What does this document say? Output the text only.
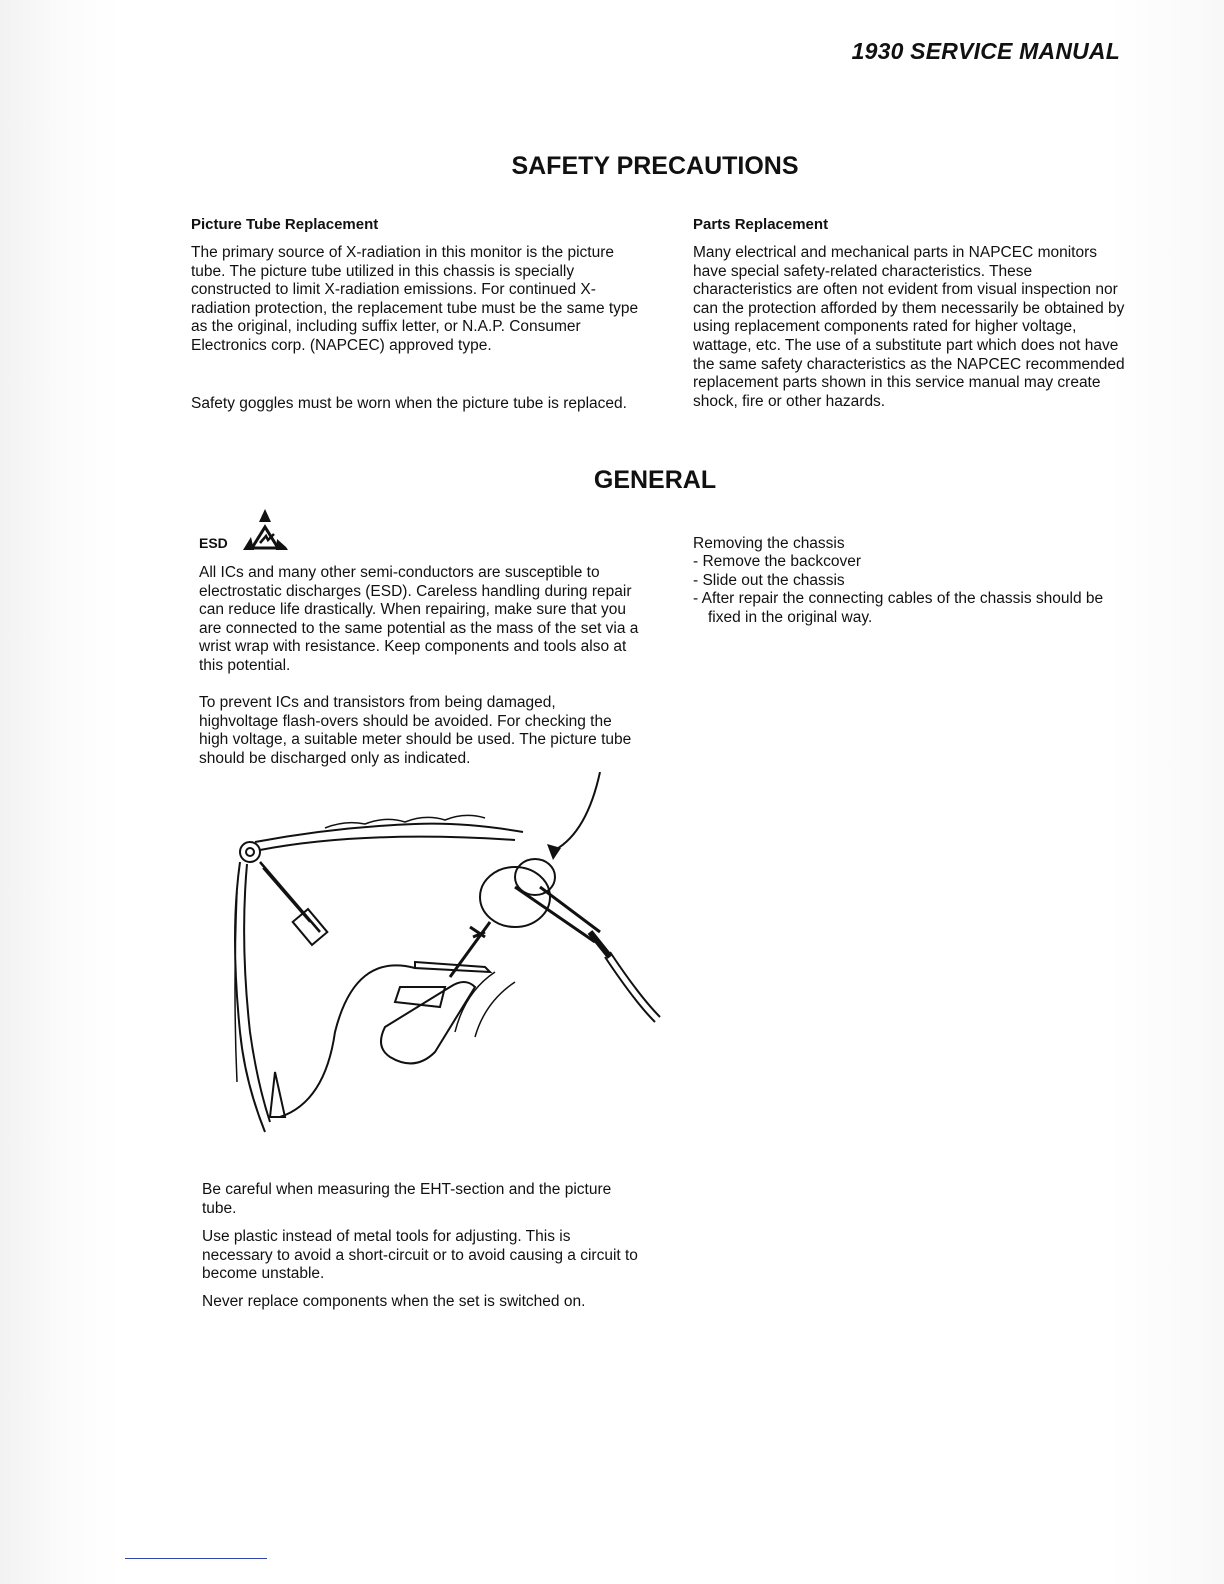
1930 SERVICE MANUAL
SAFETY PRECAUTIONS
Picture Tube Replacement

The primary source of X-radiation in this monitor is the picture tube. The picture tube utilized in this chassis is specially constructed to limit X-radiation emissions. For continued X-radiation protection, the replacement tube must be the same type as the original, including suffix letter, or N.A.P. Consumer Electronics corp. (NAPCEC) approved type.

Safety goggles must be worn when the picture tube is replaced.

Parts Replacement

Many electrical and mechanical parts in NAPCEC monitors have special safety-related characteristics. These characteristics are often not evident from visual inspection nor can the protection afforded by them necessarily be obtained by using replacement components rated for higher voltage, wattage, etc. The use of a substitute part which does not have the same safety characteristics as the NAPCEC recommended replacement parts shown in this service manual may create shock, fire or other hazards.

GENERAL
ESD

All ICs and many other semi-conductors are susceptible to electrostatic discharges (ESD). Careless handling during repair can reduce life drastically. When repairing, make sure that you are connected to the same potential as the mass of the set via a wrist wrap with resistance. Keep components and tools also at this potential.

To prevent ICs and transistors from being damaged, highvoltage flash-overs should be avoided. For checking the high voltage, a suitable meter should be used. The picture tube should be discharged only as indicated.

Removing the chassis
- Remove the backcover
- Slide out the chassis
- After repair the connecting cables of the chassis should be fixed in the original way.

Be careful when measuring the EHT-section and the picture tube.

Use plastic instead of metal tools for adjusting. This is necessary to avoid a short-circuit or to avoid causing a circuit to become unstable.

Never replace components when the set is switched on.
